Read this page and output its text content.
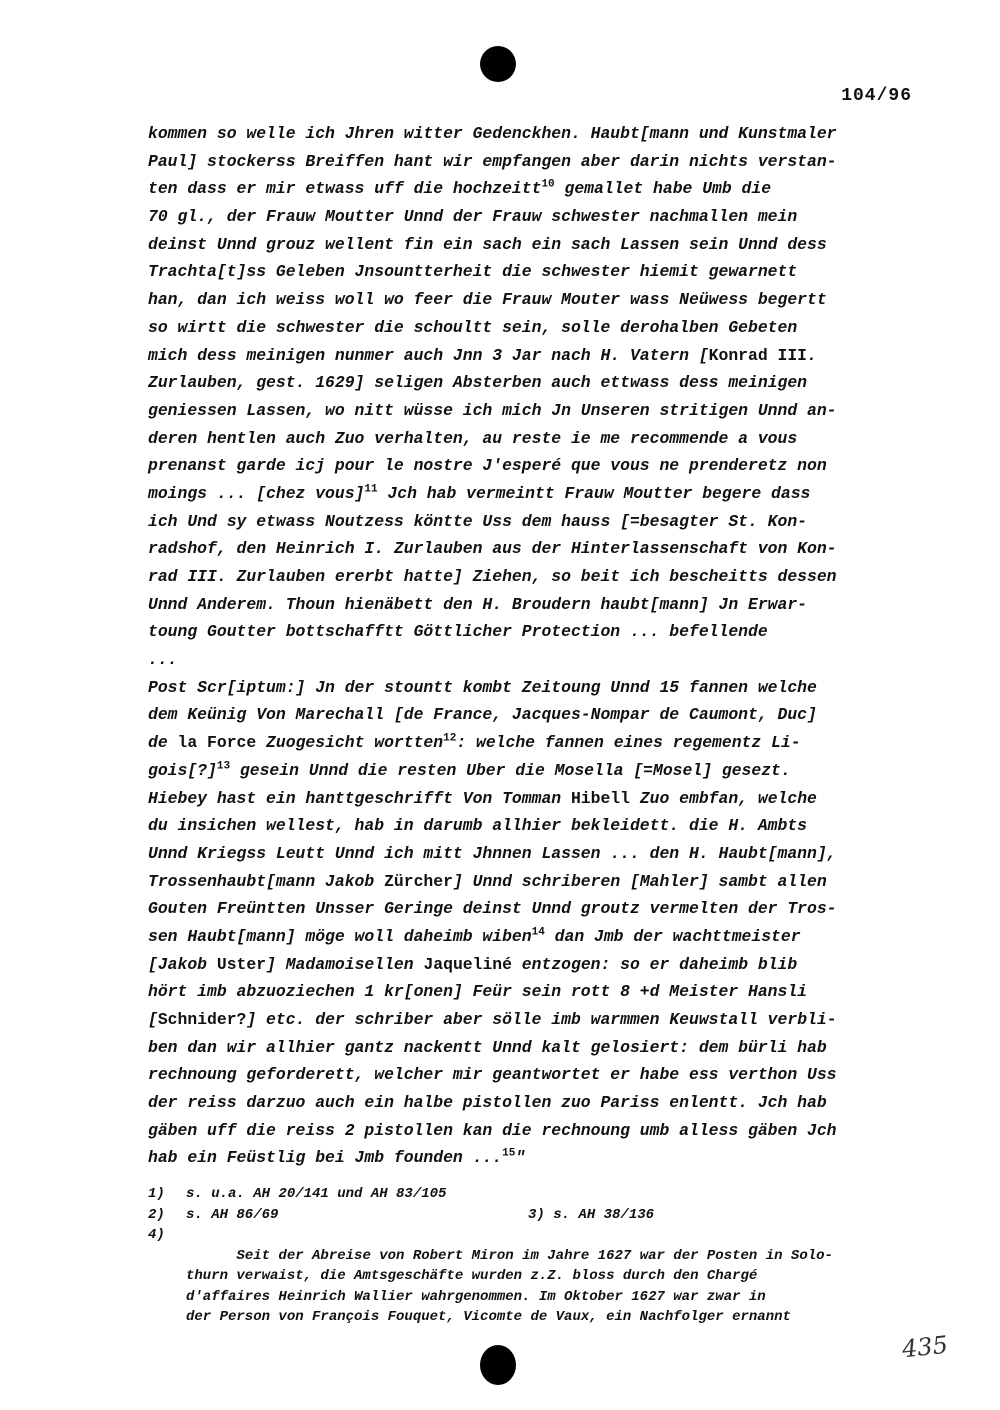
104/96
kommen so welle ich Jhren witter Gedenckhen. Haubt[mann und Kunstmaler
Paul] stockerss Breiffen hant wir empfangen aber darin nichts verstan-
ten dass er mir etwass uff die hochzeitt$^{10}$ gemallet habe Umb die
70 gl., der Frauw Moutter Unnd der Frauw schwester nachmallen mein
deinst Unnd grouz wellent fin ein sach ein sach Lassen sein Unnd dess
Trachta[t]ss Geleben Jnsountterheit die schwester hiemit gewarnett
han, dan ich weiss woll wo feer die Frauw Mouter wass Neüwess begertt
so wirtt die schwester die schoultt sein, solle derohalben Gebeten
mich dess meinigen nunmer auch Jnn 3 Jar nach H. Vatern [Konrad III.
Zurlauben, gest. 1629] seligen Absterben auch ettwass dess meinigen
geniessen Lassen, wo nitt wüsse ich mich Jn Unseren stritigen Unnd an-
deren hentlen auch Zuo verhalten, au reste ie me recommende a vous
prenanst garde icj pour le nostre J'esperé que vous ne prenderetz non
moings ... [chez vous]$^{11}$ Jch hab vermeintt Frauw Moutter begere dass
ich Und sy etwass Noutzess köntte Uss dem hauss [=besagter St. Kon-
radshof, den Heinrich I. Zurlauben aus der Hinterlassenschaft von Kon-
rad III. Zurlauben ererbt hatte] Ziehen, so beit ich bescheitts dessen
Unnd Anderem. Thoun hienäbett den H. Broudern haubt[mann] Jn Erwar-
toung Goutter bottschafftt Göttlicher Protection ... befellende
...
Post Scr[iptum:] Jn der stountt kombt Zeitoung Unnd 15 fannen welche
dem Keünig Von Marechall [de France, Jacques-Nompar de Caumont, Duc]
de la Force Zuogesicht wortten$^{12}$: welche fannen eines regementz Li-
gois[?]$^{13}$ gesein Unnd die resten Uber die Mosella [=Mosel] gesezt.
Hiebey hast ein hanttgeschrifft Von Tomman Hibell Zuo embfan, welche
du insichen wellest, hab in darumb allhier bekleidett. die H. Ambts
Unnd Kriegss Leutt Unnd ich mitt Jhnnen Lassen ... den H. Haubt[mann],
Trossenhaubt[mann Jakob Zürcher] Unnd schriberen [Mahler] sambt allen
Gouten Freüntten Unsser Geringe deinst Unnd groutz vermelten der Tros-
sen Haubt[mann] möge woll daheimb wiben$^{14}$ dan Jmb der wachttmeister
[Jakob Uster] Madamoisellen Jaqueliné entzogen: so er daheimb blib
hört imb abzuoziechen 1 kr[onen] Feür sein rott 8 +d Meister Hansli
[Schnider?] etc. der schriber aber sölle imb warmmen Keuwstall verbli-
ben dan wir allhier gantz nackentt Unnd kalt gelosiert: dem bürli hab
rechnoung geforderett, welcher mir geantwortet er habe ess verthon Uss
der reiss darzuo auch ein halbe pistollen zuo Pariss enlentt. Jch hab
gäben uff die reiss 2 pistollen kan die rechnoung umb alless gäben Jch
hab ein Feüstlig bei Jmb founden ...$^{15}$"
1)	s. u.a. AH 20/141 und AH 83/105
2)	s. AH 86/69	3) s. AH 38/136
4)

Seit der Abreise von Robert Miron im Jahre 1627 war der Posten in Solo-
thurn verwaist, die Amtsgeschäfte wurden z.Z. bloss durch den Chargé
d'affaires Heinrich Wallier wahrgenommen. Im Oktober 1627 war zwar in
der Person von François Fouquet, Vicomte de Vaux, ein Nachfolger ernannt
435
